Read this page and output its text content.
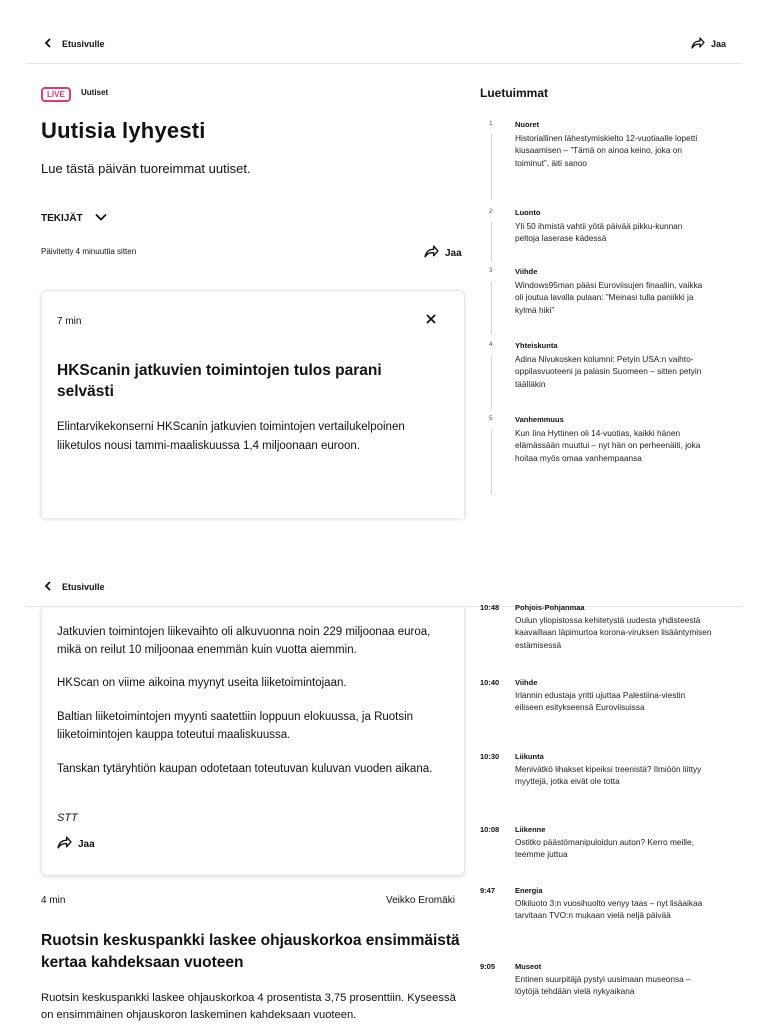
Etusivulle	Jaa
LIVE	Uutiset
Uutisia lyhyesti

Lue tästä päivän tuoreimmat uutiset.

TEKIJÄT
Päivitetty 4 minuuttia sitten	Jaa
7 min
HKScanin jatkuvien toimintojen tulos parani selvästi

Elintarvikekonserni HKScanin jatkuvien toimintojen vertailukelpoinen liiketulos nousi tammi-maaliskuussa 1,4 miljoonaan euroon.

Luetuimmat
1	Nuoret
Historiallinen lähestymiskielto 12-vuotiaalle lopetti kiusaamisen – ”Tämä on ainoa keino, joka on toiminut”, äiti sanoo
2	Luonto
Yli 50 ihmistä vahtii yötä päivää pikku-kunnan peltoja laserase kädessä
3	Viihde
Windows95man pääsi Euroviisujen finaaliin, vaikka oli joutua lavalla pulaan: ”Meinasi tulla paniikki ja kylmä hiki”
4	Yhteiskunta
Adina Nivukosken kolumni: Petyin USA:n vaihto-oppilasvuoteeni ja palasin Suomeen – sitten petyin täälläkin
5	Vanhemmuus
Kun Iina Hyttinen oli 14-vuotias, kaikki hänen elämässään muuttui – nyt hän on perheenäiti, joka hoitaa myös omaa vanhempaansa
Etusivulle

Jatkuvien toimintojen liikevaihto oli alkuvuonna noin 229 miljoonaa euroa, mikä on reilut 10 miljoonaa enemmän kuin vuotta aiemmin.

HKScan on viime aikoina myynyt useita liiketoimintojaan.

Baltian liiketoimintojen myynti saatettiin loppuun elokuussa, ja Ruotsin liiketoimintojen kauppa toteutui maaliskuussa.

Tanskan tytäryhtiön kaupan odotetaan toteutuvan kuluvan vuoden aikana.

STT
Jaa
4 min	Veikko Eromäki
Ruotsin keskuspankki laskee ohjauskorkoa ensimmäistä kertaa kahdeksaan vuoteen

Ruotsin keskuspankki laskee ohjauskorkoa 4 prosentista 3,75 prosenttiin. Kyseessä on ensimmäinen ohjauskoron laskeminen kahdeksaan vuoteen.

10:48 Pohjois-Pohjanmaa
Oulun yliopistossa kehitetystä uudesta yhdisteestä kaavaillaan läpimurtoa korona-viruksen lisääntymisen estämisessä
10:40 Viihde
Irlannin edustaja yritti ujuttaa Palestiina-viestin eiliseen esitykseensä Euroviisuissa
10:30 Liikunta
Menivätkö lihakset kipeiksi treenistä? Ilmiöön liittyy myyttejä, jotka eivät ole totta
10:08 Liikenne
Ostitko päästömanipuloidun auton? Kerro meille, teemme juttua
9:47	Energia
Olkiluoto 3:n vuosihuolto venyy taas – nyt lisäaikaa tarvitaan TVO:n mukaan vielä neljä päivää
9:05	Museot
Entinen suurpitäjä pystyi uusimaan museonsa – löytöjä tehdään vielä nykyaikana
